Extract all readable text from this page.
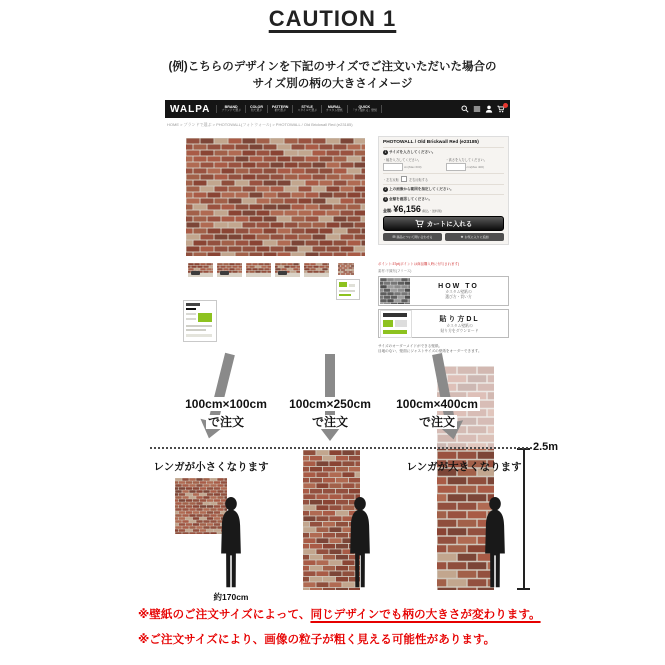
CAUTION 1
(例)こちらのデザインを下記のサイズでご注文いただいた場合の
サイズ別の柄の大きさイメージ
WALPA	BRAND
ブランドで選ぶ
COLOR
色で選ぶ
PATTERN
柄で選ぶ
STYLE
スタイルで選ぶ
MURAL
カスタム壁紙
QUICK
「すぐ貼れる」壁紙
HOME > ブランドで選ぶ > PHOTOWALL(フォトウォール) > PHOTOWALL / Old Brickwall Red (e23185)
PHOTOWALL / Old Brickwall Red (e23185)
1 サイズを入力してください。
・幅を入力してください。
cm(Max 600)
・高さを入力してください。
cm(Max 400)
・左右反転	左右反転する
2 上の画像から範囲を指定してください。
3 金額を確認してください。
金額: ¥6,156 (税込・送料別)
カートに入れる
✉ 商品について問い合わせる	★ お気に入りに追加
ポイント:37pt(ポイントは商品購入時に付与されます)
素材:不織布(フリース)
HOW TO
カスタム壁紙の
選び方・買い方
貼り方DL
カスタム壁紙の
貼り方をダウンロード
サイズのオーダーメイドができる壁紙。
目地のない、壁面にジャストサイズの壁紙をオーダーできます。
100cm×100cm
で注文
100cm×250cm
で注文
100cm×400cm
で注文
2.5m
レンガが小さくなります	レンガが大きくなります
約170cm
※壁紙のご注文サイズによって、同じデザインでも柄の大きさが変わります。
※ご注文サイズにより、画像の粒子が粗く見える可能性があります。
